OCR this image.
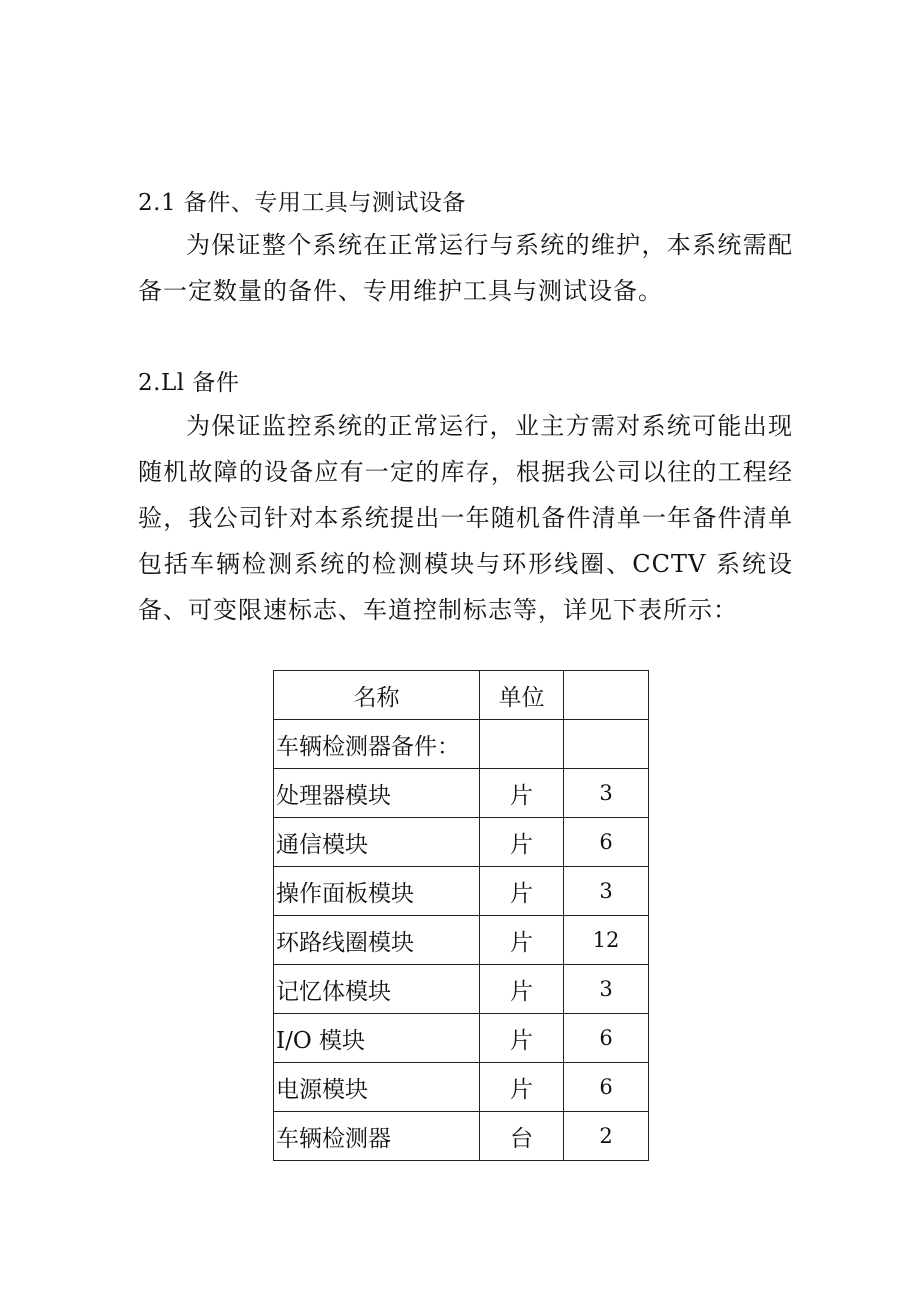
2.1 备件、专用工具与测试设备

为保证整个系统在正常运行与系统的维护，本系统需配备一定数量的备件、专用维护工具与测试设备。

2.Ll 备件

为保证监控系统的正常运行，业主方需对系统可能出现随机故障的设备应有一定的库存，根据我公司以往的工程经验，我公司针对本系统提出一年随机备件清单一年备件清单包括车辆检测系统的检测模块与环形线圈、CCTV 系统设备、可变限速标志、车道控制标志等，详见下表所示：

名称	单位	
车辆检测器备件：		
处理器模块	片	3
通信模块	片	6
操作面板模块	片	3
环路线圈模块	片	12
记忆体模块	片	3
I/O 模块	片	6
电源模块	片	6
车辆检测器	台	2
